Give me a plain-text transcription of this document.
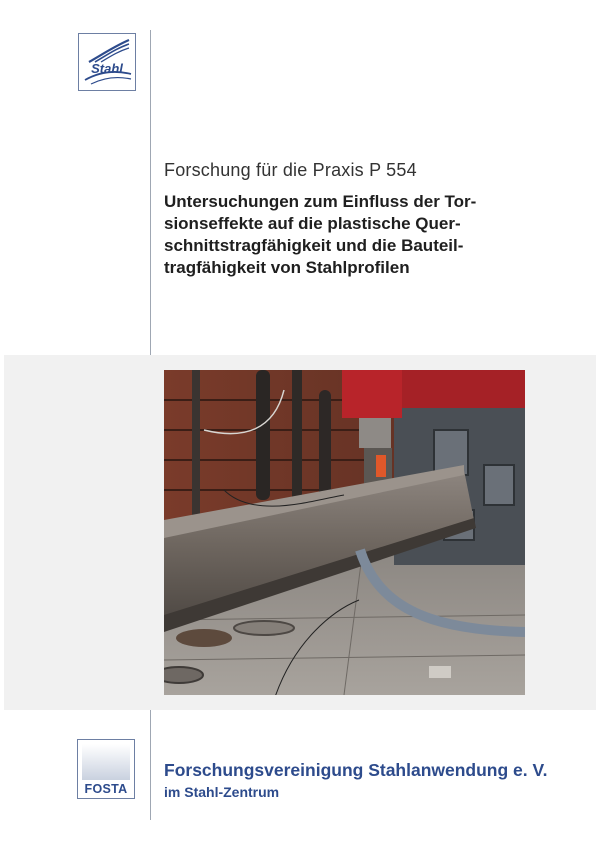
Stahl
Forschung für die Praxis P 554
Untersuchungen zum Einfluss der Tor-
sionseffekte auf die plastische Quer-
schnittstragfähigkeit und die Bauteil-
tragfähigkeit von Stahlprofilen
FOSTA
Forschungsvereinigung Stahlanwendung e. V.
im Stahl-Zentrum
